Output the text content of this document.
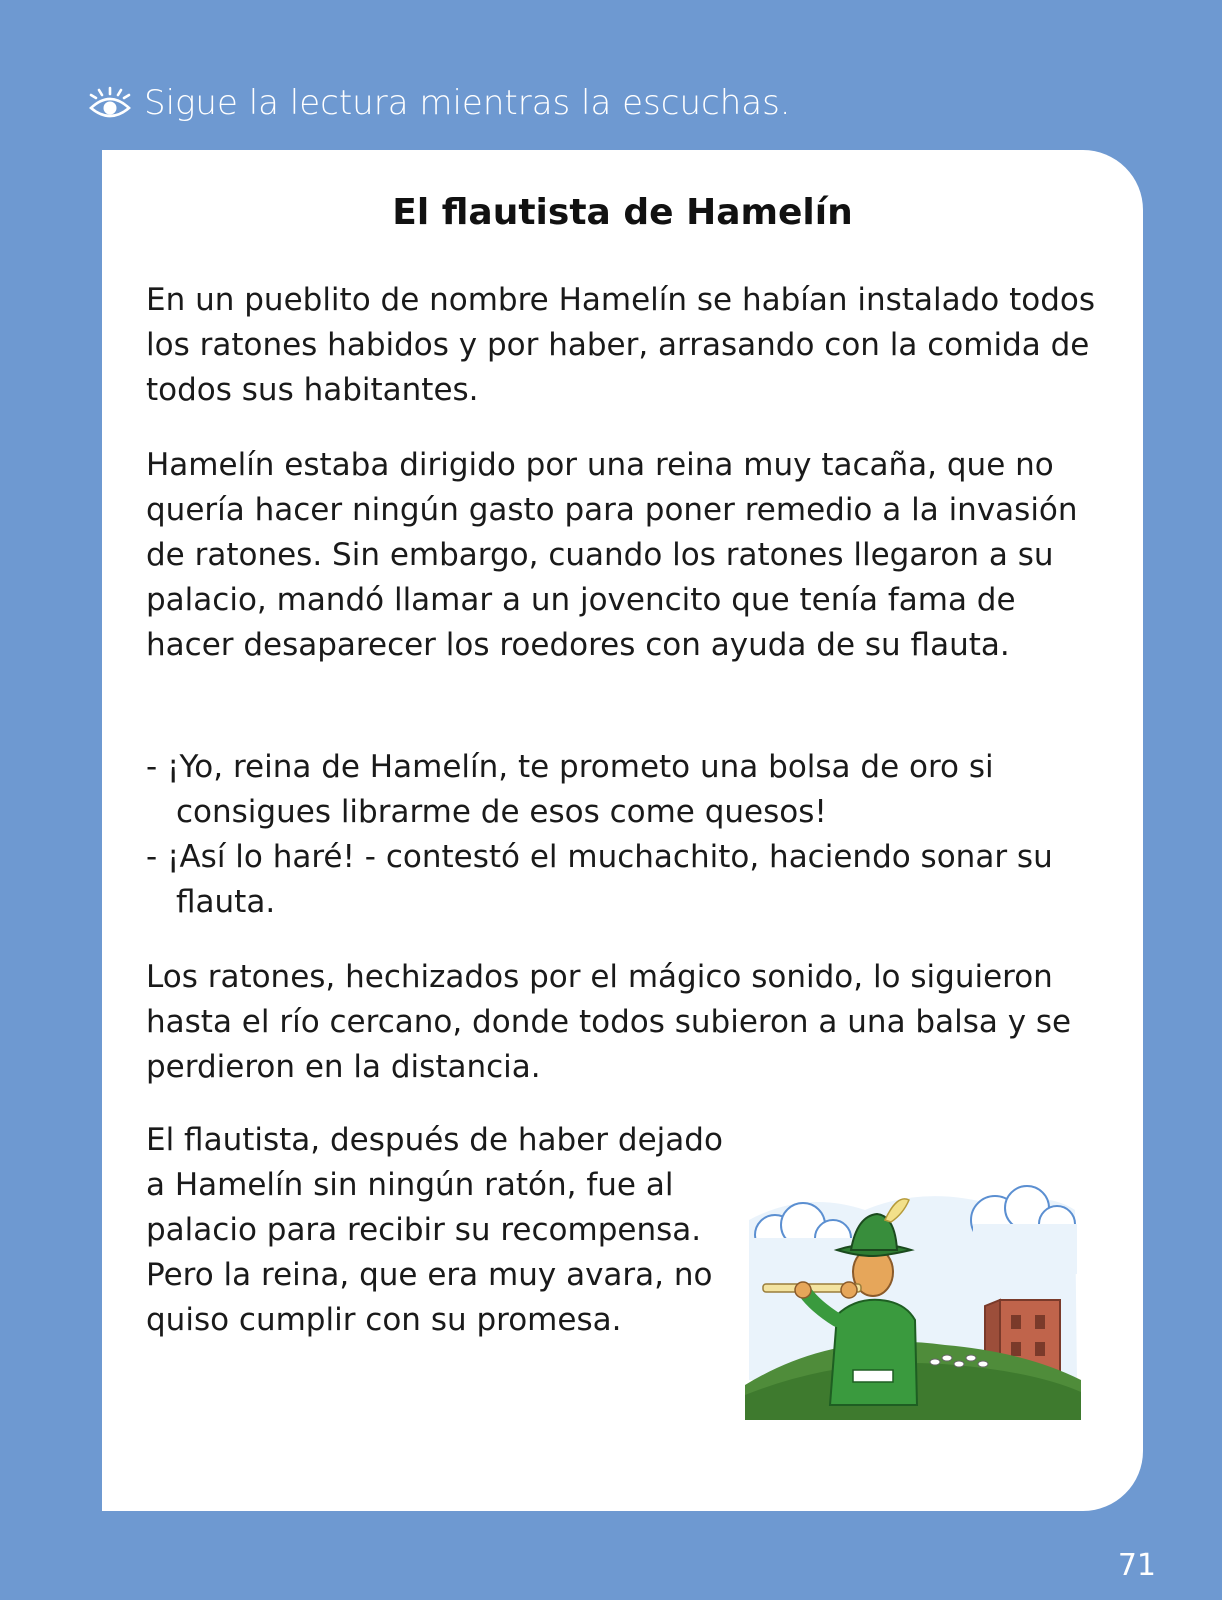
Sigue la lectura mientras la escuchas.
El flautista de Hamelín

En un pueblito de nombre Hamelín se habían instalado todos los ratones habidos y por haber, arrasando con la comida de todos sus habitantes.

Hamelín estaba dirigido por una reina muy tacaña, que no quería hacer ningún gasto para poner remedio a la invasión de ratones. Sin embargo, cuando los ratones llegaron a su palacio, mandó llamar a un jovencito que tenía fama de hacer desaparecer los roedores con ayuda de su flauta.

- ¡Yo, reina de Hamelín, te prometo una bolsa de oro si consigues librarme de esos come quesos!
- ¡Así lo haré! - contestó el muchachito, haciendo sonar su flauta.

Los ratones, hechizados por el mágico sonido, lo siguieron hasta el río cercano, donde todos subieron a una balsa y se perdieron en la distancia.

El flautista, después de haber dejado a Hamelín sin ningún ratón, fue al palacio para recibir su recompensa. Pero la reina, que era muy avara, no quiso cumplir con su promesa.

71
